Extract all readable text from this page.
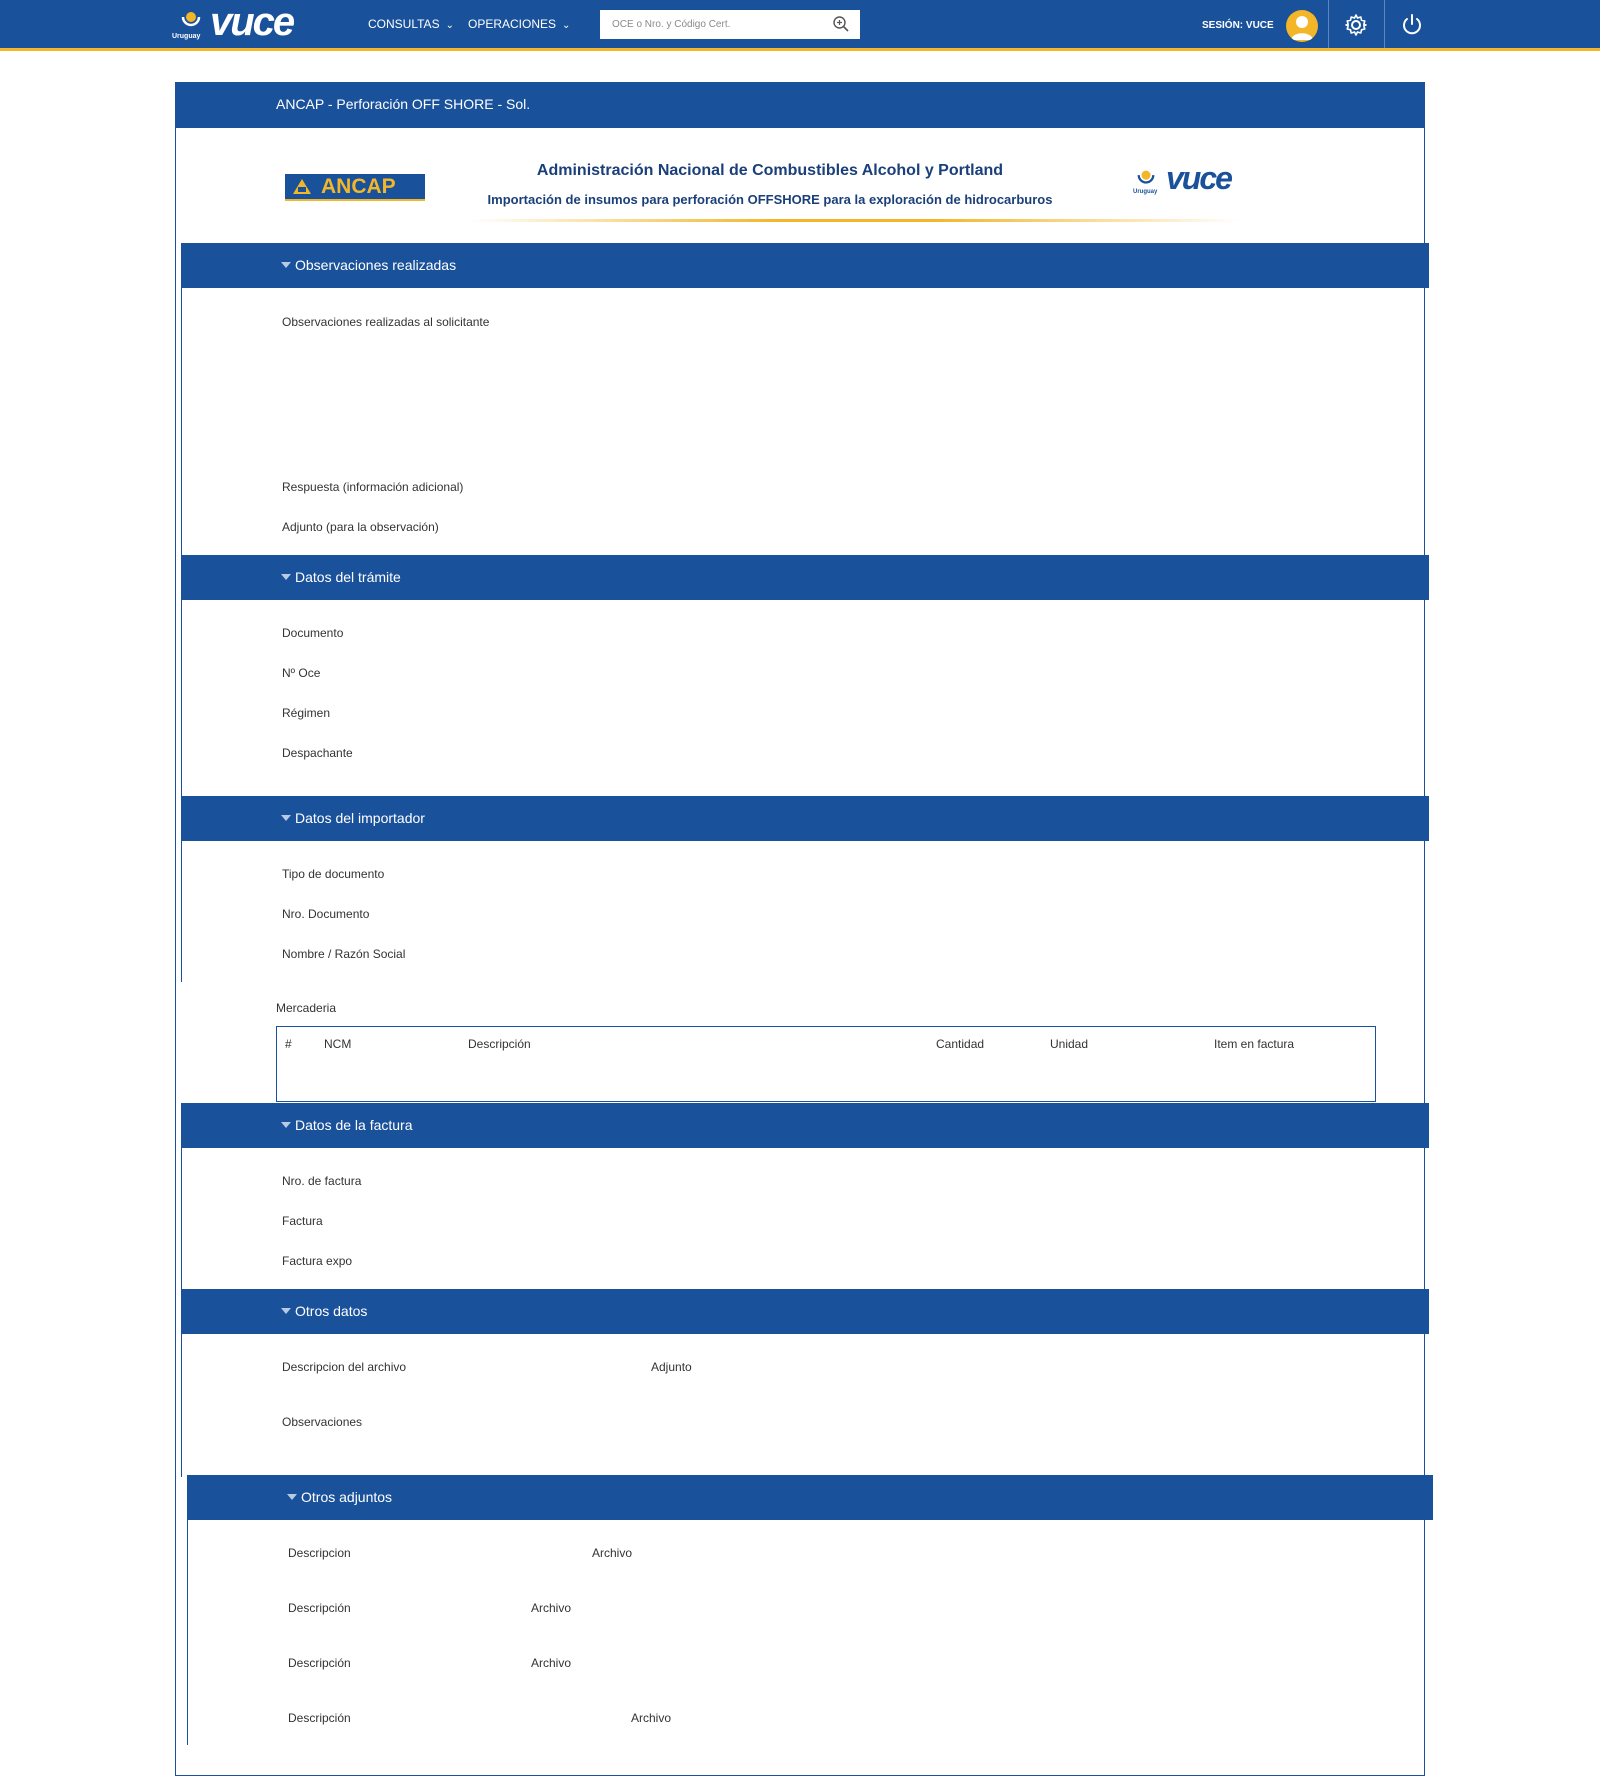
Uruguay vuce	CONSULTAS ⌄ OPERACIONES ⌄
OCE o Nro. y Código Cert.	SESIÓN: VUCE
ANCAP - Perforación OFF SHORE - Sol.
ANCAP
Administración Nacional de Combustibles Alcohol y Portland
Importación de insumos para perforación OFFSHORE para la exploración de hidrocarburos	Uruguay vuce
Observaciones realizadas
Observaciones realizadas al solicitante
Respuesta (información adicional)
Adjunto (para la observación)
Datos del trámite
Documento
Nº Oce
Régimen
Despachante
Datos del importador
Tipo de documento
Nro. Documento
Nombre / Razón Social
Mercaderia
#	NCM	Descripción	Cantidad	Unidad	Item en factura
Datos de la factura
Nro. de factura
Factura
Factura expo
Otros datos
Descripcion del archivo	Adjunto
Observaciones
Otros adjuntos
Descripcion	Archivo
Descripción	Archivo
Descripción	Archivo
Descripción	Archivo
